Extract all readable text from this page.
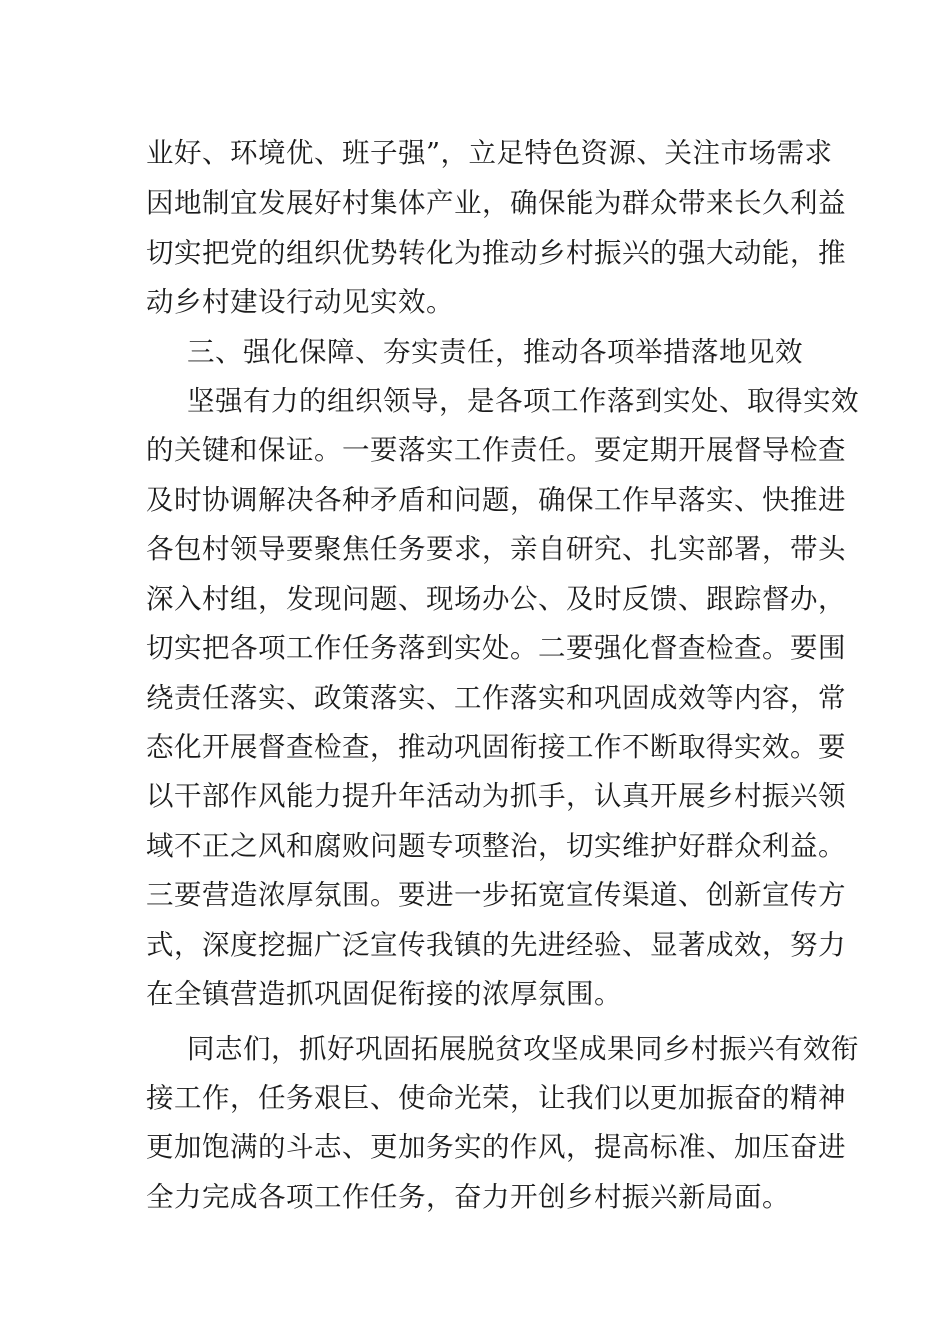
业好、环境优、班子强”，立足特色资源、关注市场需求
因地制宜发展好村集体产业，确保能为群众带来长久利益
切实把党的组织优势转化为推动乡村振兴的强大动能，推
动乡村建设行动见实效。
三、强化保障、夯实责任，推动各项举措落地见效
坚强有力的组织领导，是各项工作落到实处、取得实效
的关键和保证。一要落实工作责任。要定期开展督导检查
及时协调解决各种矛盾和问题，确保工作早落实、快推进
各包村领导要聚焦任务要求，亲自研究、扎实部署，带头
深入村组，发现问题、现场办公、及时反馈、跟踪督办，
切实把各项工作任务落到实处。二要强化督查检查。要围
绕责任落实、政策落实、工作落实和巩固成效等内容，常
态化开展督查检查，推动巩固衔接工作不断取得实效。要
以干部作风能力提升年活动为抓手，认真开展乡村振兴领
域不正之风和腐败问题专项整治，切实维护好群众利益。
三要营造浓厚氛围。要进一步拓宽宣传渠道、创新宣传方
式，深度挖掘广泛宣传我镇的先进经验、显著成效，努力
在全镇营造抓巩固促衔接的浓厚氛围。
同志们，抓好巩固拓展脱贫攻坚成果同乡村振兴有效衔
接工作，任务艰巨、使命光荣，让我们以更加振奋的精神
更加饱满的斗志、更加务实的作风，提高标准、加压奋进
全力完成各项工作任务，奋力开创乡村振兴新局面。
